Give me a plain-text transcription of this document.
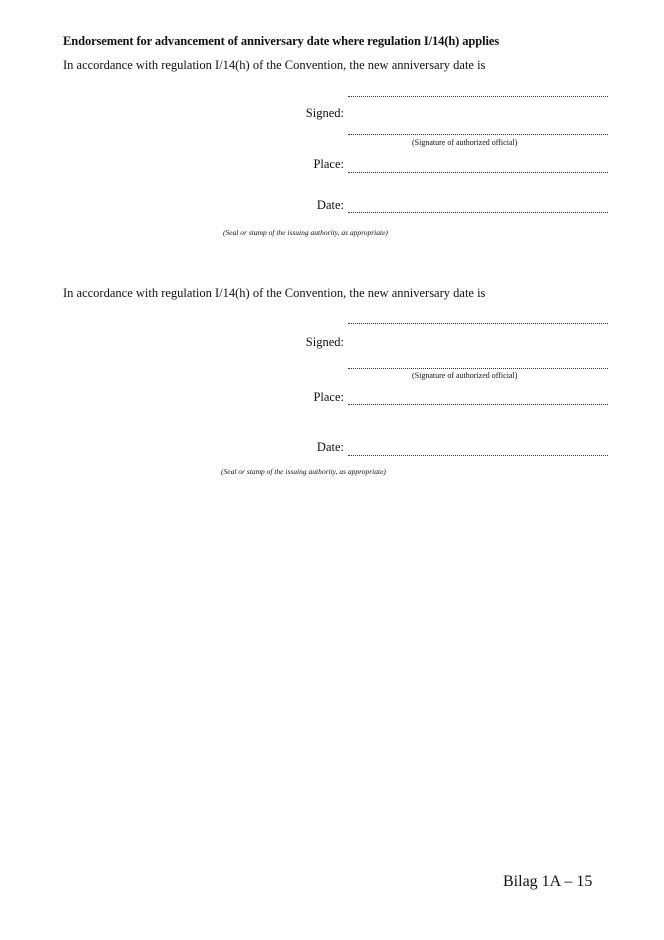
Endorsement for advancement of anniversary date where regulation I/14(h) applies
In accordance with regulation I/14(h) of the Convention, the new anniversary date is
Signed:
(Signature of authorized official)
Place:
Date:
(Seal or stamp of the issuing authority, as appropriate)
In accordance with regulation I/14(h) of the Convention, the new anniversary date is
Signed:
(Signature of authorized official)
Place:
Date:
(Seal or stamp of the issuing authority, as appropriate)
Bilag 1A – 15
